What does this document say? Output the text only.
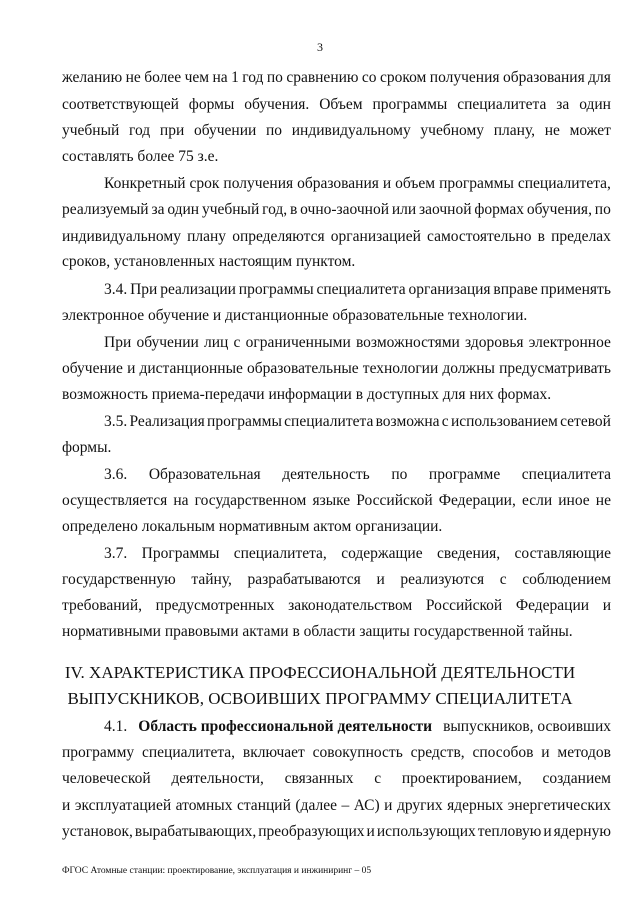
3
желанию не более чем на 1 год по сравнению со сроком получения образования для
соответствующей формы обучения. Объем программы специалитета за один
учебный год при обучении по индивидуальному учебному плану, не может
составлять более 75 з.е.
Конкретный срок получения образования и объем программы специалитета,
реализуемый за один учебный год, в очно-заочной или заочной формах обучения, по
индивидуальному плану определяются организацией самостоятельно в пределах
сроков, установленных настоящим пунктом.
3.4. При реализации программы специалитета организация вправе применять
электронное обучение и дистанционные образовательные технологии.
При обучении лиц с ограниченными возможностями здоровья электронное
обучение и дистанционные образовательные технологии должны предусматривать
возможность приема-передачи информации в доступных для них формах.
3.5. Реализация программы специалитета возможна с использованием сетевой
формы.
3.6. Образовательная деятельность по программе специалитета
осуществляется на государственном языке Российской Федерации, если иное не
определено локальным нормативным актом организации.
3.7. Программы специалитета, содержащие сведения, составляющие
государственную тайну, разрабатываются и реализуются с соблюдением
требований, предусмотренных законодательством Российской Федерации и
нормативными правовыми актами в области защиты государственной тайны.
IV. ХАРАКТЕРИСТИКА ПРОФЕССИОНАЛЬНОЙ ДЕЯТЕЛЬНОСТИ
ВЫПУСКНИКОВ, ОСВОИВШИХ ПРОГРАММУ СПЕЦИАЛИТЕТА
4.1. Область профессиональной деятельности выпускников, освоивших
программу специалитета, включает совокупность средств, способов и методов
человеческой деятельности, связанных с проектированием, созданием
и эксплуатацией атомных станций (далее – АС) и других ядерных энергетических
установок, вырабатывающих, преобразующих и использующих тепловую и ядерную
ФГОС Атомные станции: проектирование, эксплуатация и инжиниринг – 05
